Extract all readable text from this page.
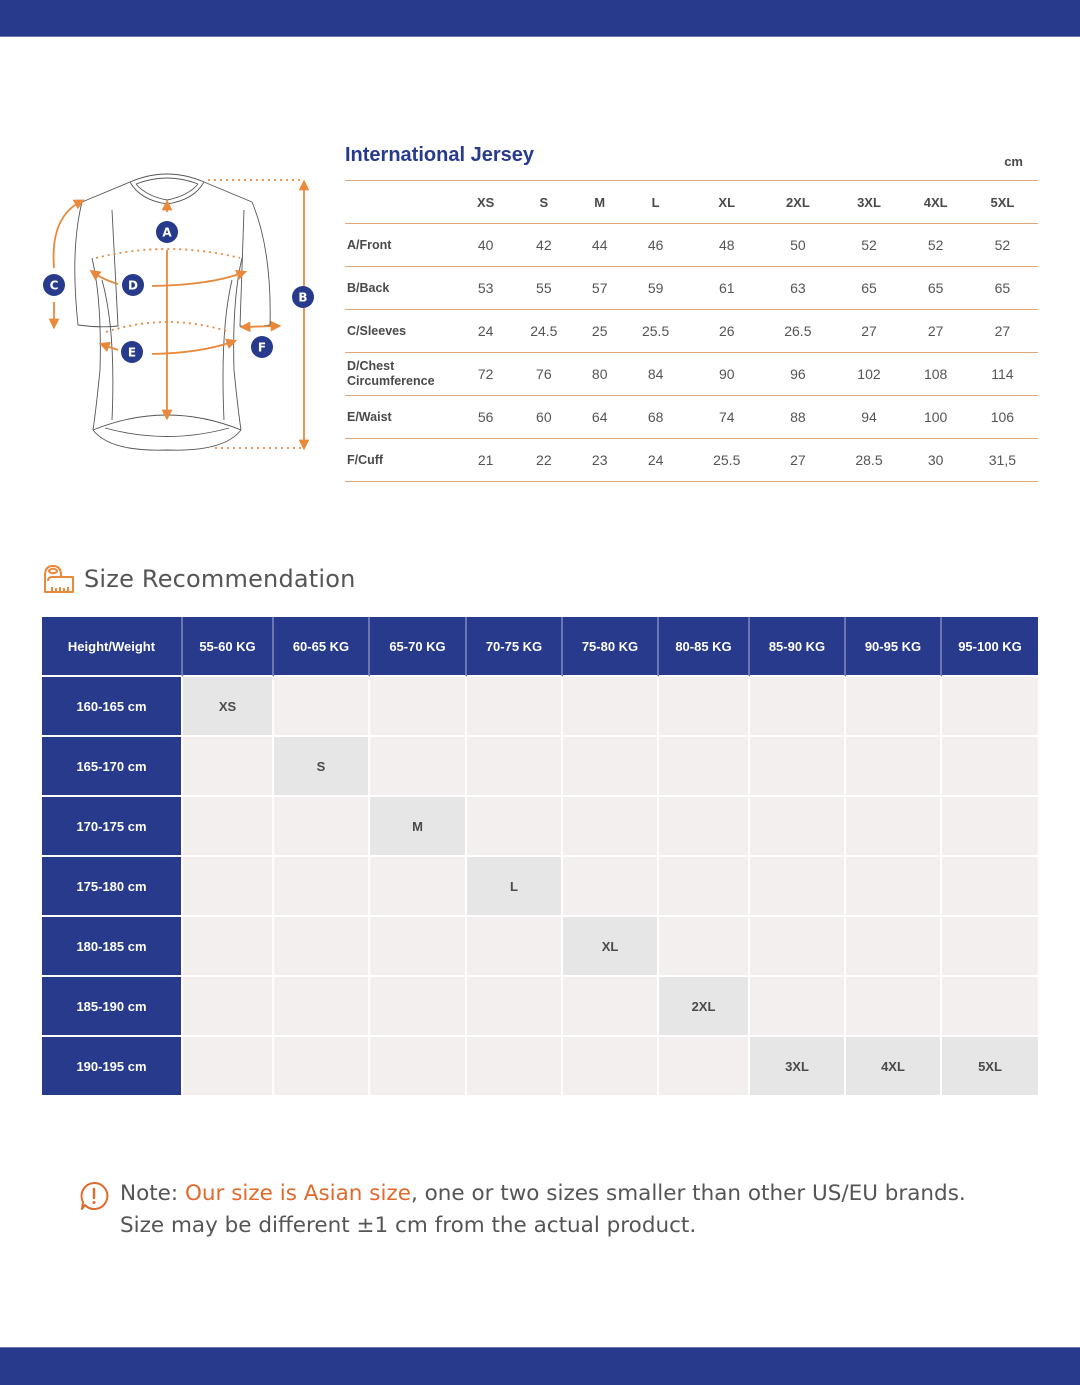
A
B
C	D
E	F
International Jersey	cm
	XS	S	M	L	XL	2XL	3XL	4XL	5XL
A/Front	40	42	44	46	48	50	52	52	52
B/Back	53	55	57	59	61	63	65	65	65
C/Sleeves	24	24.5	25	25.5	26	26.5	27	27	27
D/Chest
Circumference	72	76	80	84	90	96	102	108	114
E/Waist	56	60	64	68	74	88	94	100	106
F/Cuff	21	22	23	24	25.5	27	28.5	30	31,5
Size Recommendation
Height/Weight	55-60 KG	60-65 KG	65-70 KG	70-75 KG	75-80 KG	80-85 KG	85-90 KG	90-95 KG	95-100 KG
160-165 cm	XS								
165-170 cm		S							
170-175 cm			M						
175-180 cm				L					
180-185 cm					XL				
185-190 cm						2XL			
190-195 cm							3XL	4XL	5XL
Note: Our size is Asian size, one or two sizes smaller than other US/EU brands.
Size may be different ±1 cm from the actual product.
